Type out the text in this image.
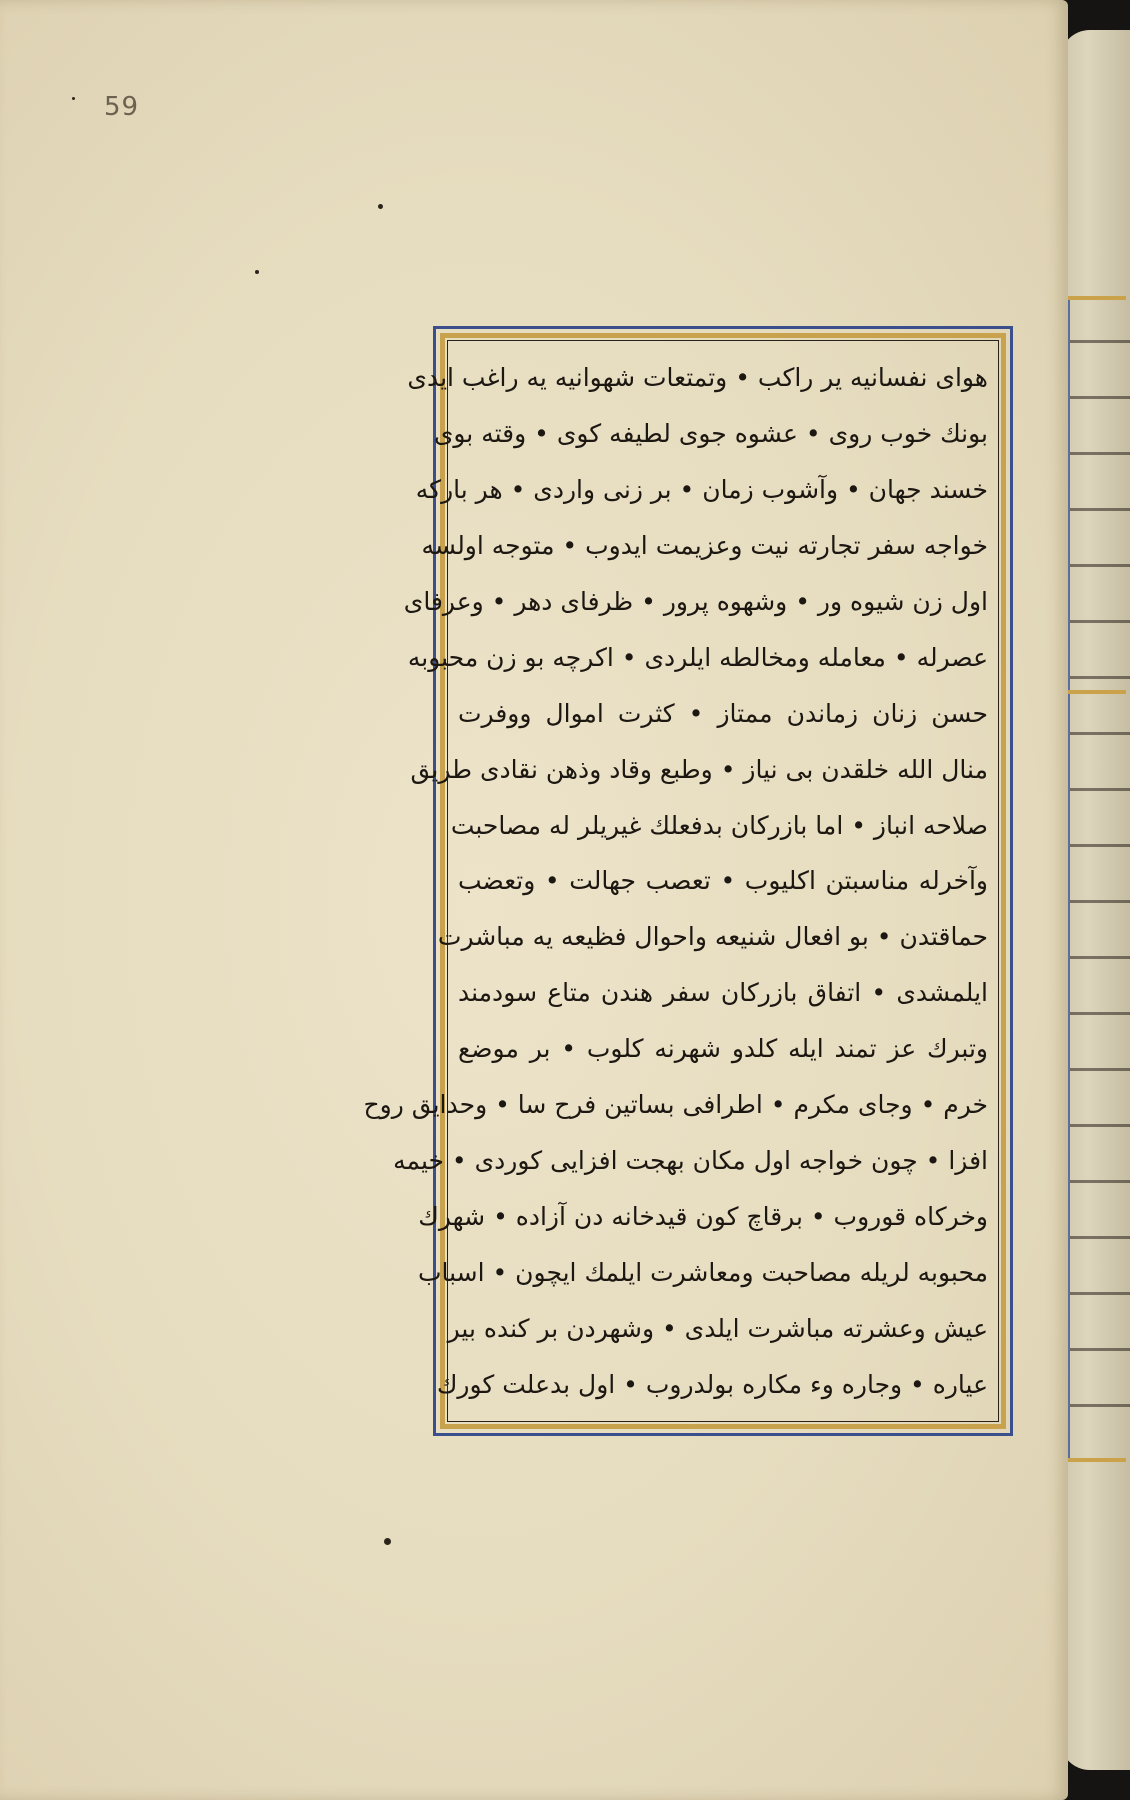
59
هوای نفسانیه یر راکب • وتمتعات شهوانیه یه راغب ایدی
بونك خوب روی • عشوه جوی لطیفه کوی • وقته بوی
خسند جهان • وآشوب زمان • بر زنی واردی • هر بارکه
خواجه سفر تجارته نیت وعزیمت ایدوب • متوجه اولسه
اول زن شیوه ور • وشهوه پرور • ظرفای دهر • وعرفای
عصرله • معامله ومخالطه ایلردی • اکرچه بو زن محبوبه
حسن زنان زماندن ممتاز • کثرت اموال ووفرت
منال الله خلقدن بی نیاز • وطبع وقاد وذهن نقادی طریق
صلاحه انباز • اما بازرکان بدفعلك غیریلر له مصاحبت
وآخرله مناسبتن اکلیوب • تعصب جهالت • وتعضب
حماقتدن • بو افعال شنیعه واحوال فظیعه یه مباشرت
ایلمشدی • اتفاق بازرکان سفر هندن متاع سودمند
وتبرك عز تمند ایله کلدو شهرنه کلوب • بر موضع
خرم • وجای مکرم • اطرافی بساتین فرح سا • وحدایق روح
افزا • چون خواجه اول مکان بهجت افزایی کوردی • خیمه
وخرکاه قوروب • برقاچ کون قیدخانه دن آزاده • شهرك
محبوبه لریله مصاحبت ومعاشرت ایلمك ایچون • اسباب
عیش وعشرته مباشرت ایلدی • وشهردن بر کنده بیر
عیاره • وجاره وء مکاره بولدروب • اول بدعلت کورك
